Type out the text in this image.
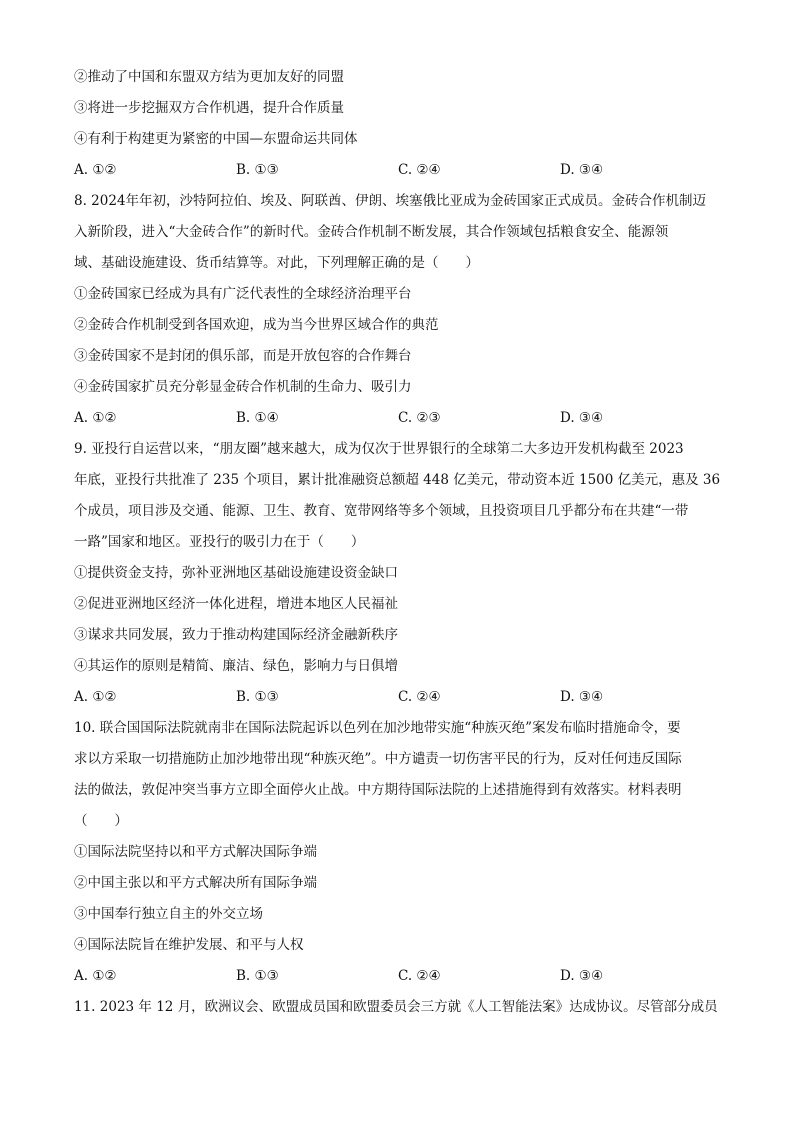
②推动了中国和东盟双方结为更加友好的同盟
③将进一步挖掘双方合作机遇，提升合作质量
④有利于构建更为紧密的中国—东盟命运共同体
A. ①②	B. ①③	C. ②④	D. ③④
8. 2024年年初，沙特阿拉伯、埃及、阿联酋、伊朗、埃塞俄比亚成为金砖国家正式成员。金砖合作机制迈
入新阶段，进入“大金砖合作”的新时代。金砖合作机制不断发展，其合作领域包括粮食安全、能源领
域、基础设施建设、货币结算等。对此，下列理解正确的是（　　）
①金砖国家已经成为具有广泛代表性的全球经济治理平台
②金砖合作机制受到各国欢迎，成为当今世界区域合作的典范
③金砖国家不是封闭的俱乐部，而是开放包容的合作舞台
④金砖国家扩员充分彰显金砖合作机制的生命力、吸引力
A. ①②	B. ①④	C. ②③	D. ③④
9. 亚投行自运营以来，“朋友圈”越来越大，成为仅次于世界银行的全球第二大多边开发机构截至 2023
年底，亚投行共批准了 235 个项目，累计批准融资总额超 448 亿美元，带动资本近 1500 亿美元，惠及 36
个成员，项目涉及交通、能源、卫生、教育、宽带网络等多个领域，且投资项目几乎都分布在共建“一带
一路”国家和地区。亚投行的吸引力在于（　　）
①提供资金支持，弥补亚洲地区基础设施建设资金缺口
②促进亚洲地区经济一体化进程，增进本地区人民福祉
③谋求共同发展，致力于推动构建国际经济金融新秩序
④其运作的原则是精简、廉洁、绿色，影响力与日俱增
A. ①②	B. ①③	C. ②④	D. ③④
10. 联合国国际法院就南非在国际法院起诉以色列在加沙地带实施“种族灭绝”案发布临时措施命令，要
求以方采取一切措施防止加沙地带出现“种族灭绝”。中方谴责一切伤害平民的行为，反对任何违反国际
法的做法，敦促冲突当事方立即全面停火止战。中方期待国际法院的上述措施得到有效落实。材料表明
（　　）
①国际法院坚持以和平方式解决国际争端
②中国主张以和平方式解决所有国际争端
③中国奉行独立自主的外交立场
④国际法院旨在维护发展、和平与人权
A. ①②	B. ①③	C. ②④	D. ③④
11. 2023 年 12 月，欧洲议会、欧盟成员国和欧盟委员会三方就《人工智能法案》达成协议。尽管部分成员
